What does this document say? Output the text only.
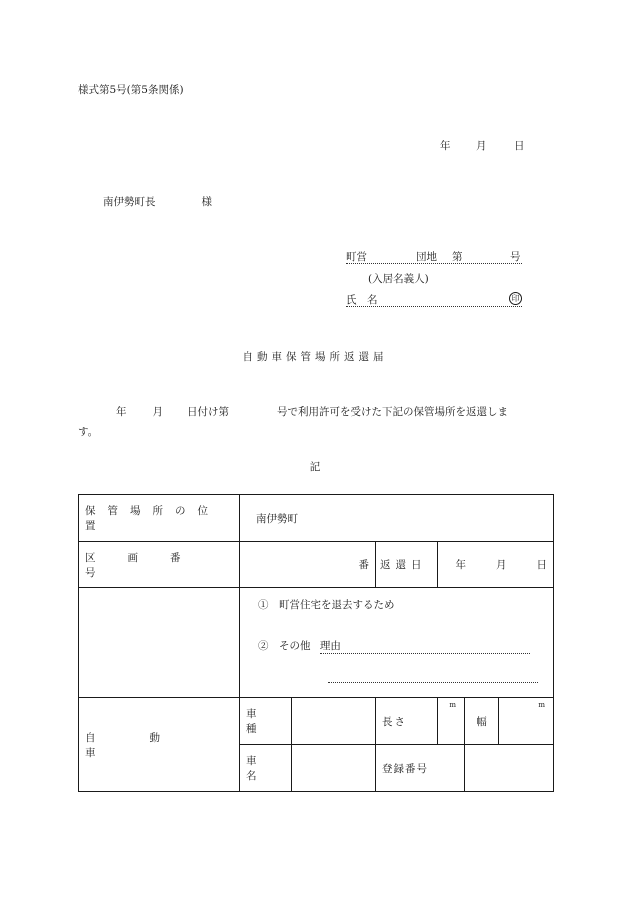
様式第5号(第5条関係)
年 月	日
南伊勢町長	様
町営	団地 第	号
(入居名義人)
氏　名	印
自動車保管場所返還届
年 月 日付け第	号で利用許可を受けた下記の保管場所を返還しま
す。
記
保管場所の位置	南伊勢町					

区画番号	番		返還日	年 月 日		

	①　町営住宅を退去するため
②　その他 理由					

自動車	車種		長さ	m	幅	m

	車名		登録番号			
